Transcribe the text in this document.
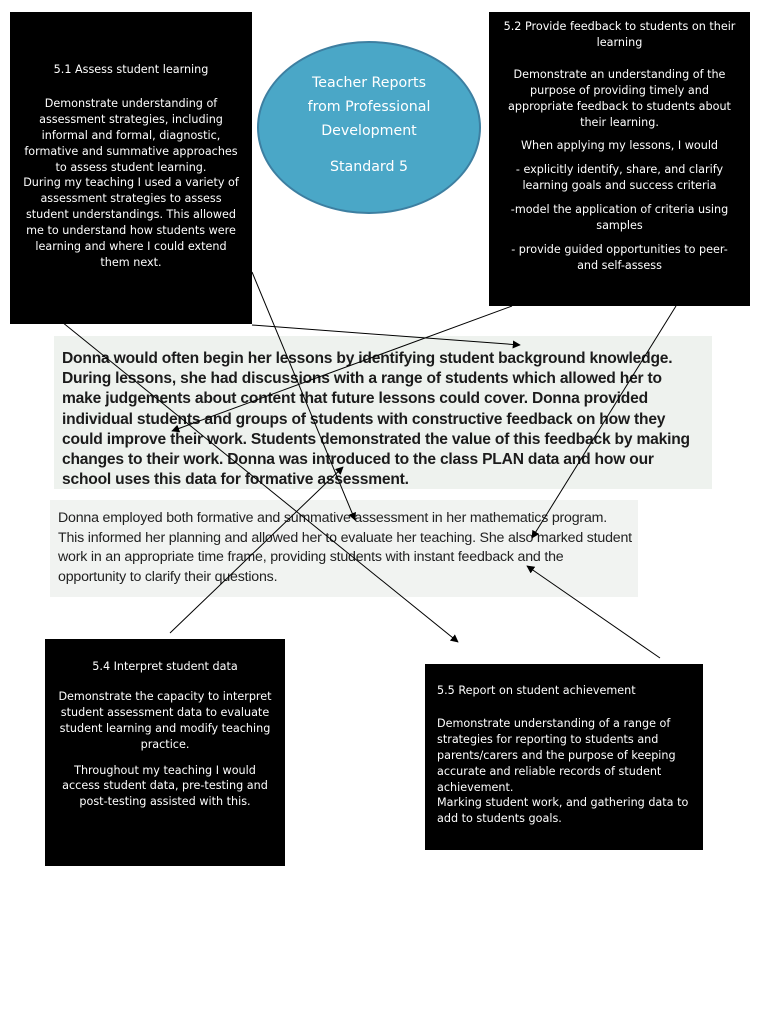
Donna would often begin her lessons by identifying student background knowledge. During lessons, she had discussions with a range of students which allowed her to make judgements about content that future lessons could cover. Donna provided individual students and groups of students with constructive feedback on how they could improve their work. Students demonstrated the value of this feedback by making changes to their work. Donna was introduced to the class PLAN data and how our school uses this data for formative assessment.
Donna employed both formative and summative assessment in her mathematics program. This informed her planning and allowed her to evaluate her teaching. She also marked student work in an appropriate time frame, providing students with instant feedback and the opportunity to clarify their questions.
Teacher Reports
from Professional
Development
Standard 5

5.1 Assess student learning

Demonstrate understanding of assessment strategies, including informal and formal, diagnostic, formative and summative approaches to assess student learning.
During my teaching I used a variety of assessment strategies to assess student understandings. This allowed me to understand how students were learning and where I could extend them next.

5.2 Provide feedback to students on their learning

Demonstrate an understanding of the purpose of providing timely and appropriate feedback to students about their learning.

When applying my lessons, I would

- explicitly identify, share, and clarify learning goals and success criteria

-model the application of criteria using samples

- provide guided opportunities to peer- and self-assess

5.4 Interpret student data

Demonstrate the capacity to interpret student assessment data to evaluate student learning and modify teaching practice.

Throughout my teaching I would access student data, pre-testing and post-testing assisted with this.

5.5 Report on student achievement

Demonstrate understanding of a range of strategies for reporting to students and parents/carers and the purpose of keeping accurate and reliable records of student achievement.
Marking student work, and gathering data to add to students goals.
